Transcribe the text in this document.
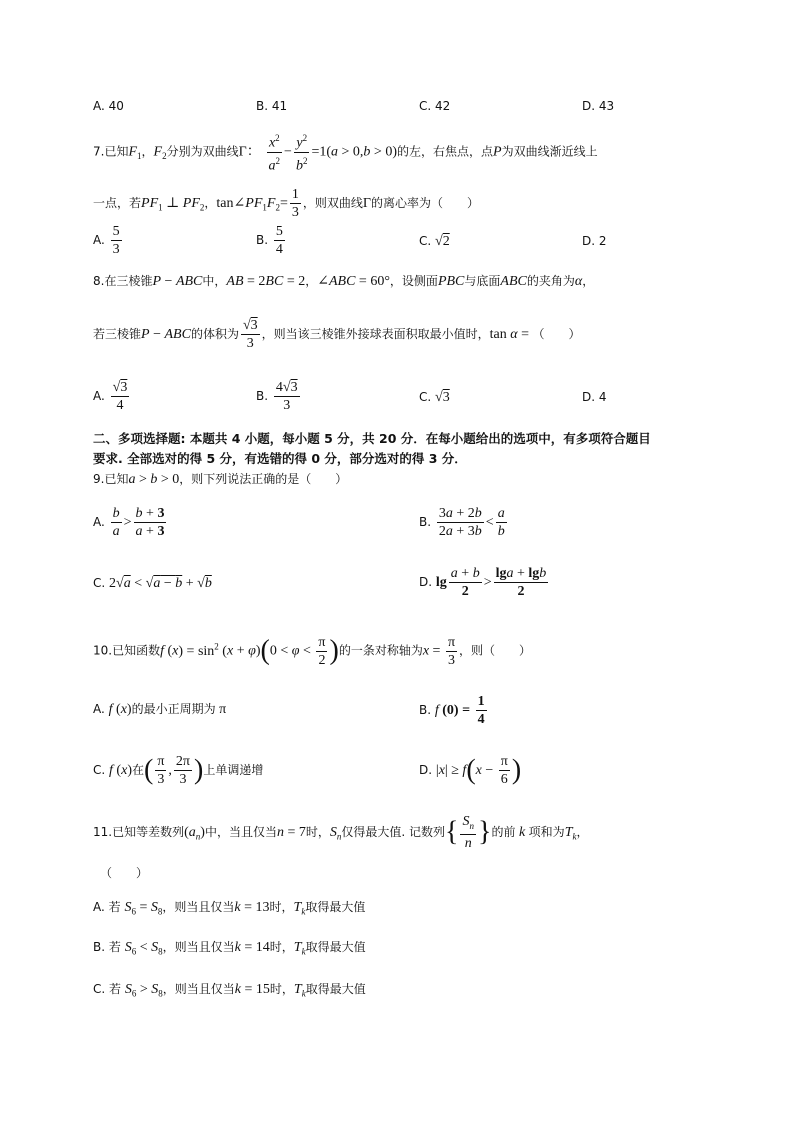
A. 40	B. 41	C. 42	D. 43
7.已知$F_1$，$F_2$分别为双曲线Γ： $\frac{x^2}{a^2} - \frac{y^2}{b^2} =1(a > 0,b > 0)$的左，右焦点，点P为双曲线渐近线上
一点，若$PF_1$ ⊥ $PF_2$，$\tan\angle PF_1F_2= \frac{1}{3}$ ，则双曲线Γ的离心率为（　　）
A. $\frac{5}{3}$	B. $\frac{5}{4}$	C. √2	D. 2
8.在三棱锥P − ABC中，AB = 2BC = 2，∠ABC = 60°，设侧面PBC与底面ABC的夹角为α，
若三棱锥P − ABC的体积为 $\frac{√3}{3}$ ，则当该三棱锥外接球表面积取最小值时，tan α = （　　）
A. $\frac{√3}{4}$	B. $\frac{4√3}{3}$	C. √3	D. 4
二、多项选择题: 本题共 4 小题，每小题 5 分，共 20 分．在每小题给出的选项中，有多项符合题目
要求. 全部选对的得 5 分，有选错的得 0 分，部分选对的得 3 分．
9.已知a > b > 0，则下列说法正确的是（　　）
A. $\frac{b}{a} > \frac{b + 3}{a + 3}$	B. $\frac{3a + 2b}{2a + 3b} < \frac{a}{b}$
C. 2√a < √a − b + √b	D. $\lg \frac{a + b}{2} > \frac{\lg a + \lg b}{2}$
10.已知函数f $(x) = \sin^2 (x + \varphi)(0 < \varphi < \frac{\pi}{2}$ )的一条对称轴为$x = \frac{\pi}{3}$ ，则（　　）
A. f (x)的最小正周期为 π	B. f $(0) = \frac{1}{4}$
C. f (x)在( $\frac{\pi}{3}$ , $\frac{2\pi}{3}$ )上单调递增	D. $|x| \ge f(x - \frac{\pi}{6}$ )
11.已知等差数列$(a_n)$中，当且仅当n = 7时，$S_n$仅得最大值. 记数列{ $\frac{S_n}{n}$ }的前 k 项和为$T_k$，
（　　）
A. 若 $S_6 = S_8$，则当且仅当k = 13时，$T_k$取得最大值
B. 若 $S_6 < S_8$，则当且仅当k = 14时，$T_k$取得最大值
C. 若 $S_6 > S_8$，则当且仅当k = 15时，$T_k$取得最大值
